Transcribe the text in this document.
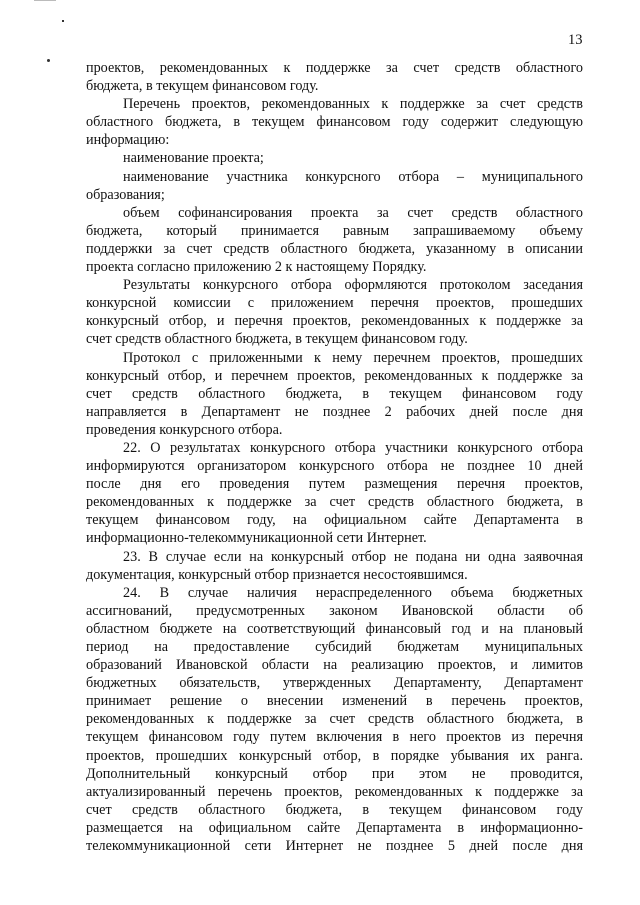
13
проектов, рекомендованных к поддержке за счет средств областного
бюджета, в текущем финансовом году.
Перечень проектов, рекомендованных к поддержке за счет средств
областного бюджета, в текущем финансовом году содержит следующую
информацию:
наименование проекта;
наименование участника конкурсного отбора – муниципального
образования;
объем софинансирования проекта за счет средств областного
бюджета, который принимается равным запрашиваемому объему
поддержки за счет средств областного бюджета, указанному в описании
проекта согласно приложению 2 к настоящему Порядку.
Результаты конкурсного отбора оформляются протоколом заседания
конкурсной комиссии с приложением перечня проектов, прошедших
конкурсный отбор, и перечня проектов, рекомендованных к поддержке за
счет средств областного бюджета, в текущем финансовом году.
Протокол с приложенными к нему перечнем проектов, прошедших
конкурсный отбор, и перечнем проектов, рекомендованных к поддержке за
счет средств областного бюджета, в текущем финансовом году
направляется в Департамент не позднее 2 рабочих дней после дня
проведения конкурсного отбора.
22. О результатах конкурсного отбора участники конкурсного отбора
информируются организатором конкурсного отбора не позднее 10 дней
после дня его проведения путем размещения перечня проектов,
рекомендованных к поддержке за счет средств областного бюджета, в
текущем финансовом году, на официальном сайте Департамента в
информационно-телекоммуникационной сети Интернет.
23. В случае если на конкурсный отбор не подана ни одна заявочная
документация, конкурсный отбор признается несостоявшимся.
24. В случае наличия нераспределенного объема бюджетных
ассигнований, предусмотренных законом Ивановской области об
областном бюджете на соответствующий финансовый год и на плановый
период на предоставление субсидий бюджетам муниципальных
образований Ивановской области на реализацию проектов, и лимитов
бюджетных обязательств, утвержденных Департаменту, Департамент
принимает решение о внесении изменений в перечень проектов,
рекомендованных к поддержке за счет средств областного бюджета, в
текущем финансовом году путем включения в него проектов из перечня
проектов, прошедших конкурсный отбор, в порядке убывания их ранга.
Дополнительный конкурсный отбор при этом не проводится,
актуализированный перечень проектов, рекомендованных к поддержке за
счет средств областного бюджета, в текущем финансовом году
размещается на официальном сайте Департамента в информационно-
телекоммуникационной сети Интернет не позднее 5 дней после дня
